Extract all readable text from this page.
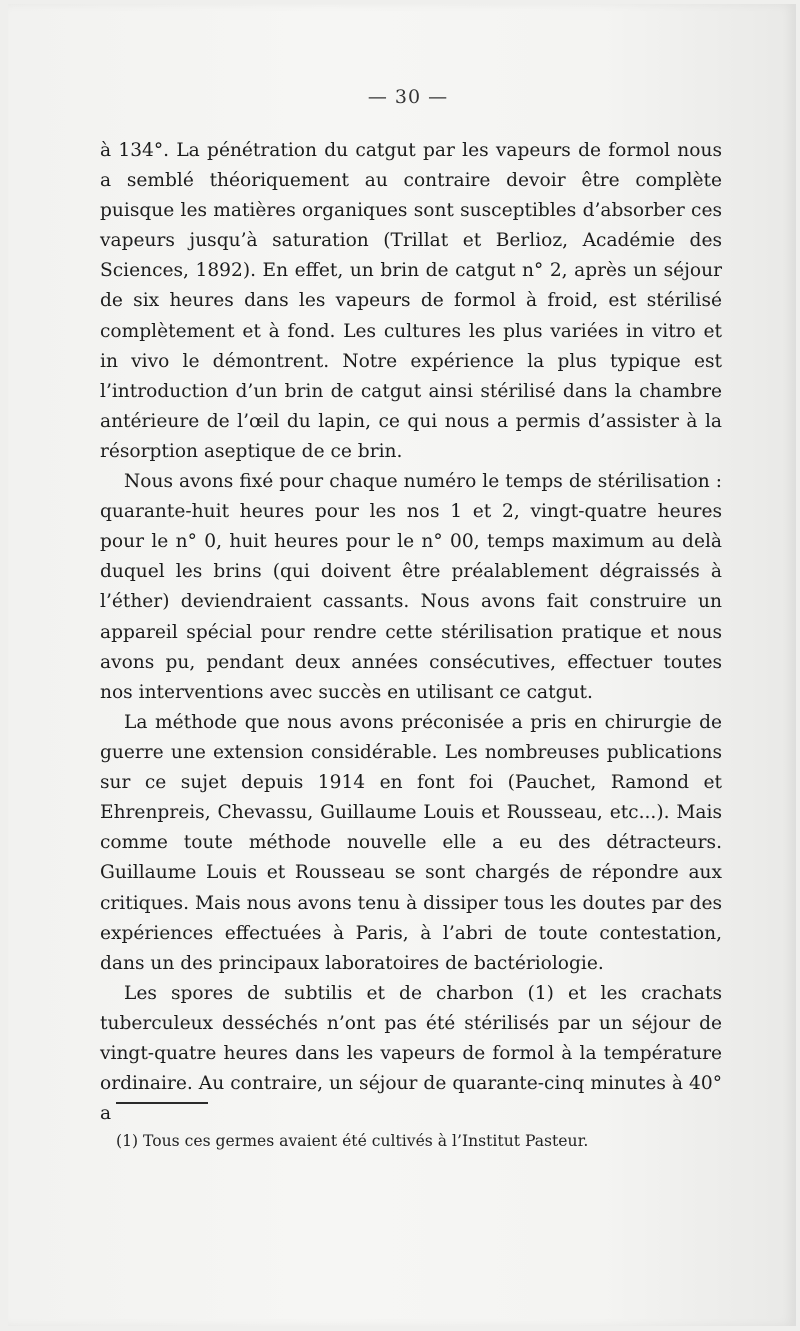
— 30 —

à 134°. La pénétration du catgut par les vapeurs de formol nous a semblé théoriquement au contraire devoir être complète puisque les matières organiques sont susceptibles d’absorber ces vapeurs jusqu’à saturation (Trillat et Berlioz, Académie des Sciences, 1892). En effet, un brin de catgut n° 2, après un séjour de six heures dans les vapeurs de formol à froid, est stérilisé complètement et à fond. Les cultures les plus variées in vitro et in vivo le démontrent. Notre expérience la plus typique est l’introduction d’un brin de catgut ainsi stérilisé dans la chambre antérieure de l’œil du lapin, ce qui nous a permis d’assister à la résorption aseptique de ce brin.

Nous avons fixé pour chaque numéro le temps de stérilisation : quarante-huit heures pour les nos 1 et 2, vingt-quatre heures pour le n° 0, huit heures pour le n° 00, temps maximum au delà duquel les brins (qui doivent être préalablement dégraissés à l’éther) deviendraient cassants. Nous avons fait construire un appareil spécial pour rendre cette stérilisation pratique et nous avons pu, pendant deux années consécutives, effectuer toutes nos interventions avec succès en utilisant ce catgut.

La méthode que nous avons préconisée a pris en chirurgie de guerre une extension considérable. Les nombreuses publications sur ce sujet depuis 1914 en font foi (Pauchet, Ramond et Ehrenpreis, Chevassu, Guillaume Louis et Rousseau, etc...). Mais comme toute méthode nouvelle elle a eu des détracteurs. Guillaume Louis et Rousseau se sont chargés de répondre aux critiques. Mais nous avons tenu à dissiper tous les doutes par des expériences effectuées à Paris, à l’abri de toute contestation, dans un des principaux laboratoires de bactériologie.

Les spores de subtilis et de charbon (1) et les crachats tuberculeux desséchés n’ont pas été stérilisés par un séjour de vingt-quatre heures dans les vapeurs de formol à la température ordinaire. Au contraire, un séjour de quarante-cinq minutes à 40° a

(1) Tous ces germes avaient été cultivés à l’Institut Pasteur.
